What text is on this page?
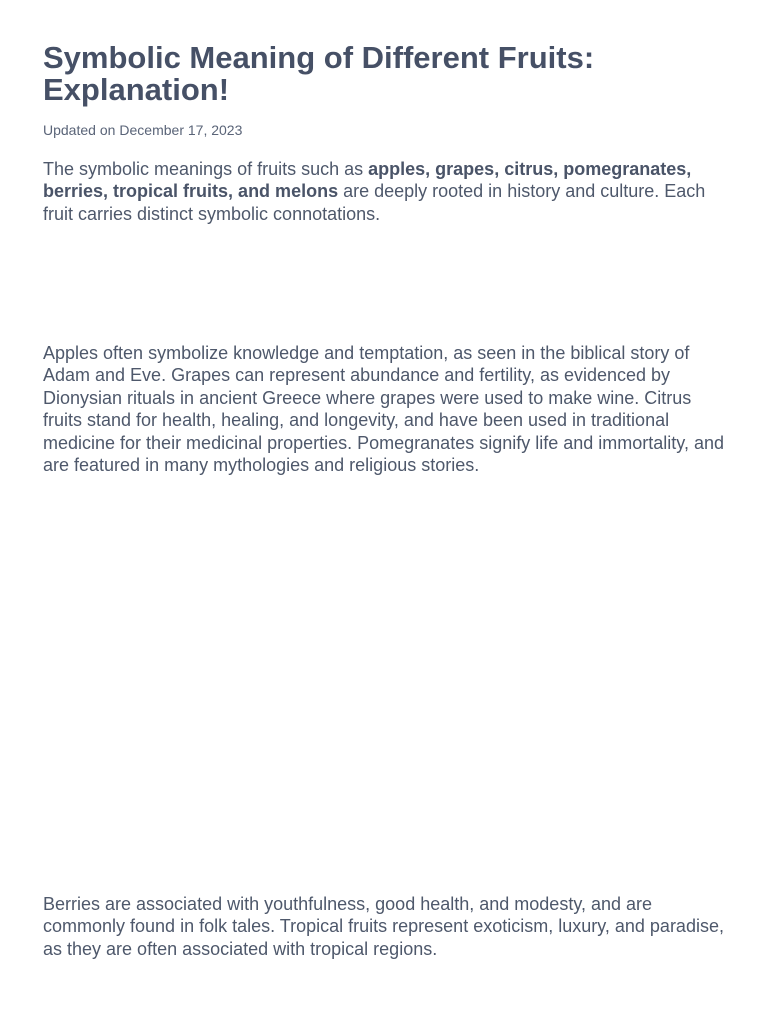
Symbolic Meaning of Different Fruits: Explanation!
Updated on December 17, 2023

The symbolic meanings of fruits such as apples, grapes, citrus, pomegranates, berries, tropical fruits, and melons are deeply rooted in history and culture. Each fruit carries distinct symbolic connotations.

Apples often symbolize knowledge and temptation, as seen in the biblical story of Adam and Eve. Grapes can represent abundance and fertility, as evidenced by Dionysian rituals in ancient Greece where grapes were used to make wine. Citrus fruits stand for health, healing, and longevity, and have been used in traditional medicine for their medicinal properties. Pomegranates signify life and immortality, and are featured in many mythologies and religious stories.

Berries are associated with youthfulness, good health, and modesty, and are commonly found in folk tales. Tropical fruits represent exoticism, luxury, and paradise, as they are often associated with tropical regions.
